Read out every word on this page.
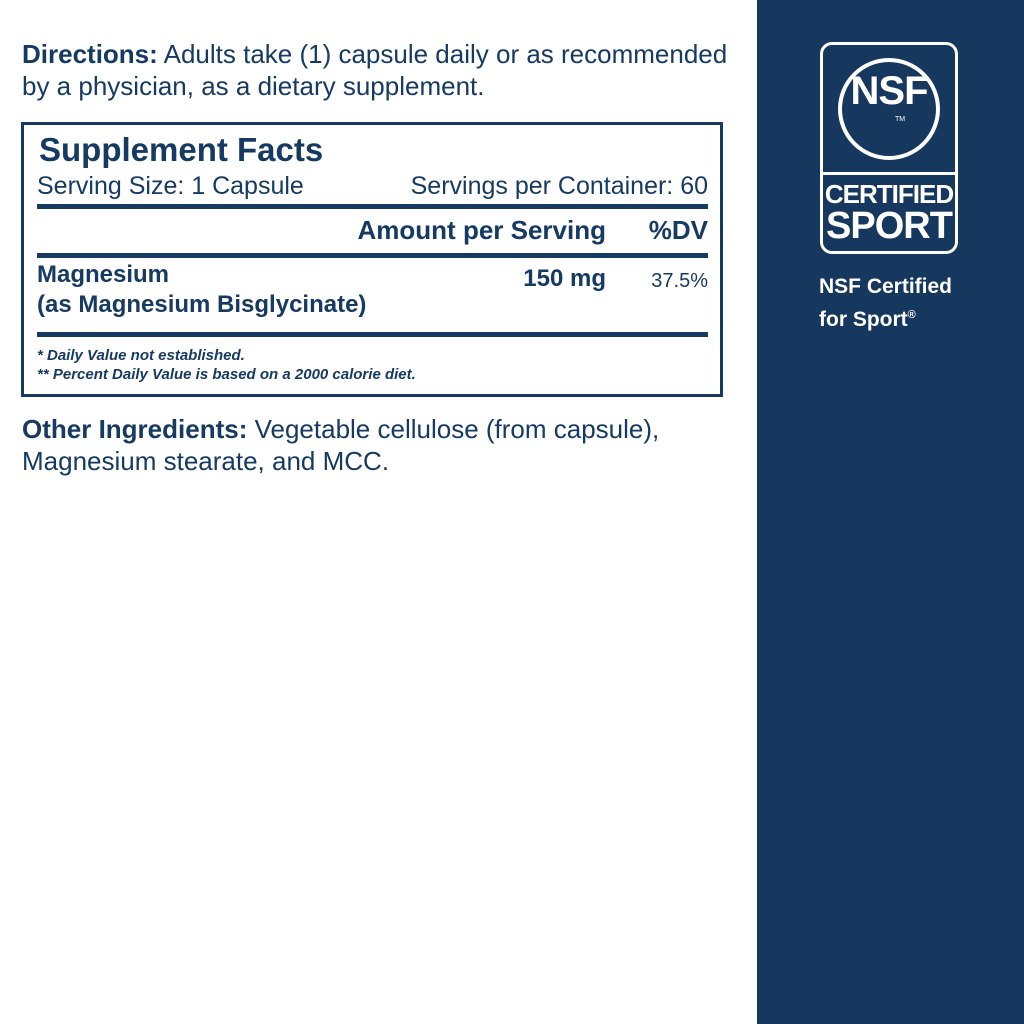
Directions: Adults take (1) capsule daily or as recommended by a physician, as a dietary supplement.
Supplement Facts
Serving Size: 1 Capsule	Servings per Container: 60
Amount per Serving %DV
Magnesium
(as Magnesium Bisglycinate)
150 mg 37.5%
* Daily Value not established.
** Percent Daily Value is based on a 2000 calorie diet.
Other Ingredients: Vegetable cellulose (from capsule), Magnesium stearate, and MCC.
NSF
TM
CERTIFIED
SPORT
NSF Certified
for Sport®
